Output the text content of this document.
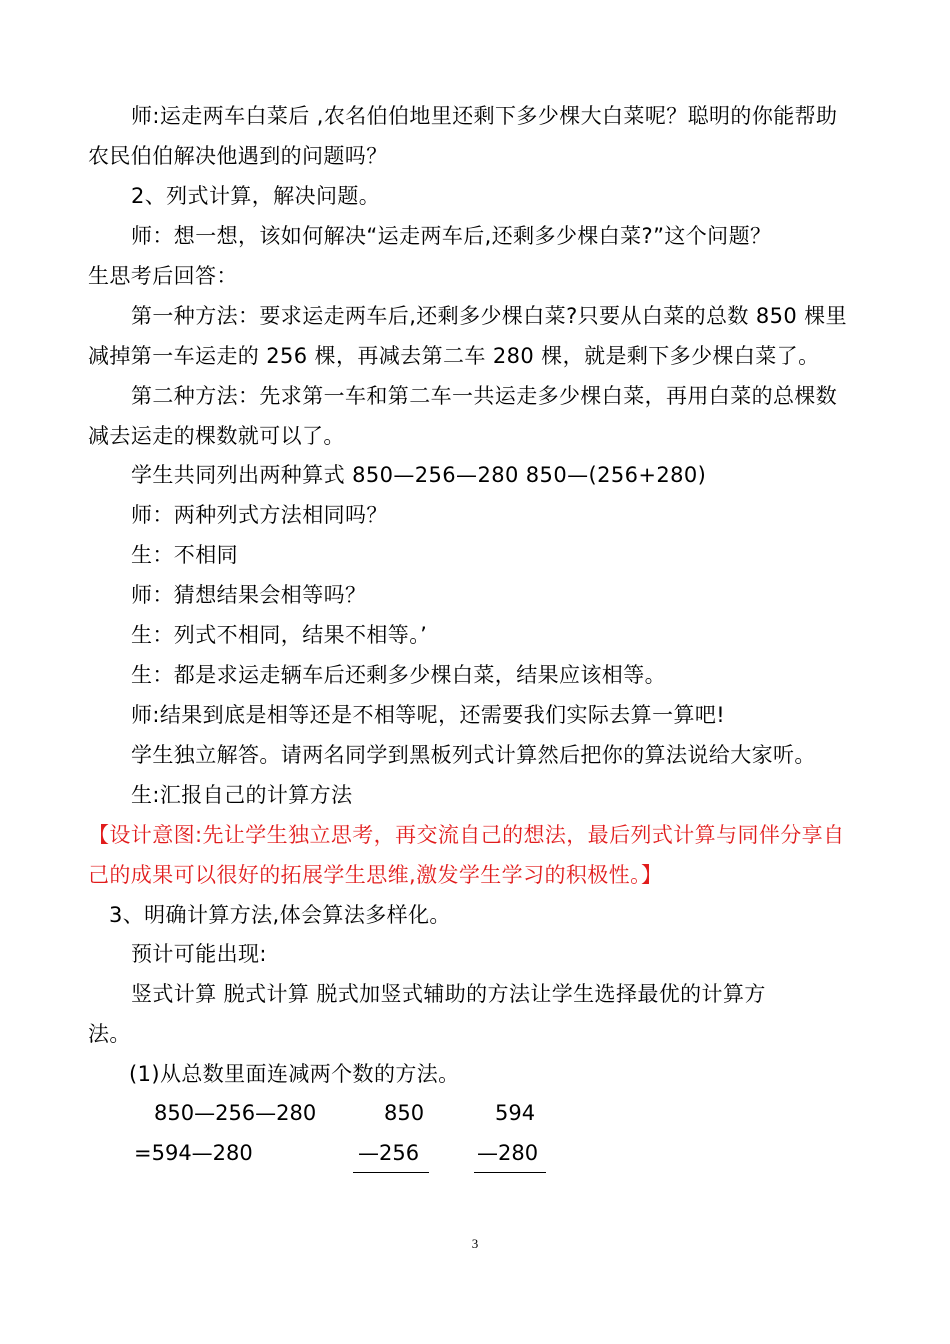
师:运走两车白菜后 ,农名伯伯地里还剩下多少棵大白菜呢？聪明的你能帮助
农民伯伯解决他遇到的问题吗？
2、列式计算，解决问题。
师：想一想，该如何解决“运走两车后,还剩多少棵白菜?”这个问题？
生思考后回答：
第一种方法：要求运走两车后,还剩多少棵白菜?只要从白菜的总数 850 棵里
减掉第一车运走的 256 棵，再减去第二车 280 棵，就是剩下多少棵白菜了。
第二种方法：先求第一车和第二车一共运走多少棵白菜，再用白菜的总棵数
减去运走的棵数就可以了。
学生共同列出两种算式 850—256—280 850—(256+280)
师：两种列式方法相同吗？
生：不相同
师：猜想结果会相等吗？
生：列式不相同，结果不相等。’
生：都是求运走辆车后还剩多少棵白菜，结果应该相等。
师:结果到底是相等还是不相等呢，还需要我们实际去算一算吧!
学生独立解答。请两名同学到黑板列式计算然后把你的算法说给大家听。
生:汇报自己的计算方法
【设计意图:先让学生独立思考，再交流自己的想法，最后列式计算与同伴分享自
己的成果可以很好的拓展学生思维,激发学生学习的积极性。】
3、明确计算方法,体会算法多样化。
预计可能出现:
竖式计算 脱式计算 脱式加竖式辅助的方法让学生选择最优的计算方
法。
(1)从总数里面连减两个数的方法。
850—256—280
=594—280
850
—256
594
—280
3
